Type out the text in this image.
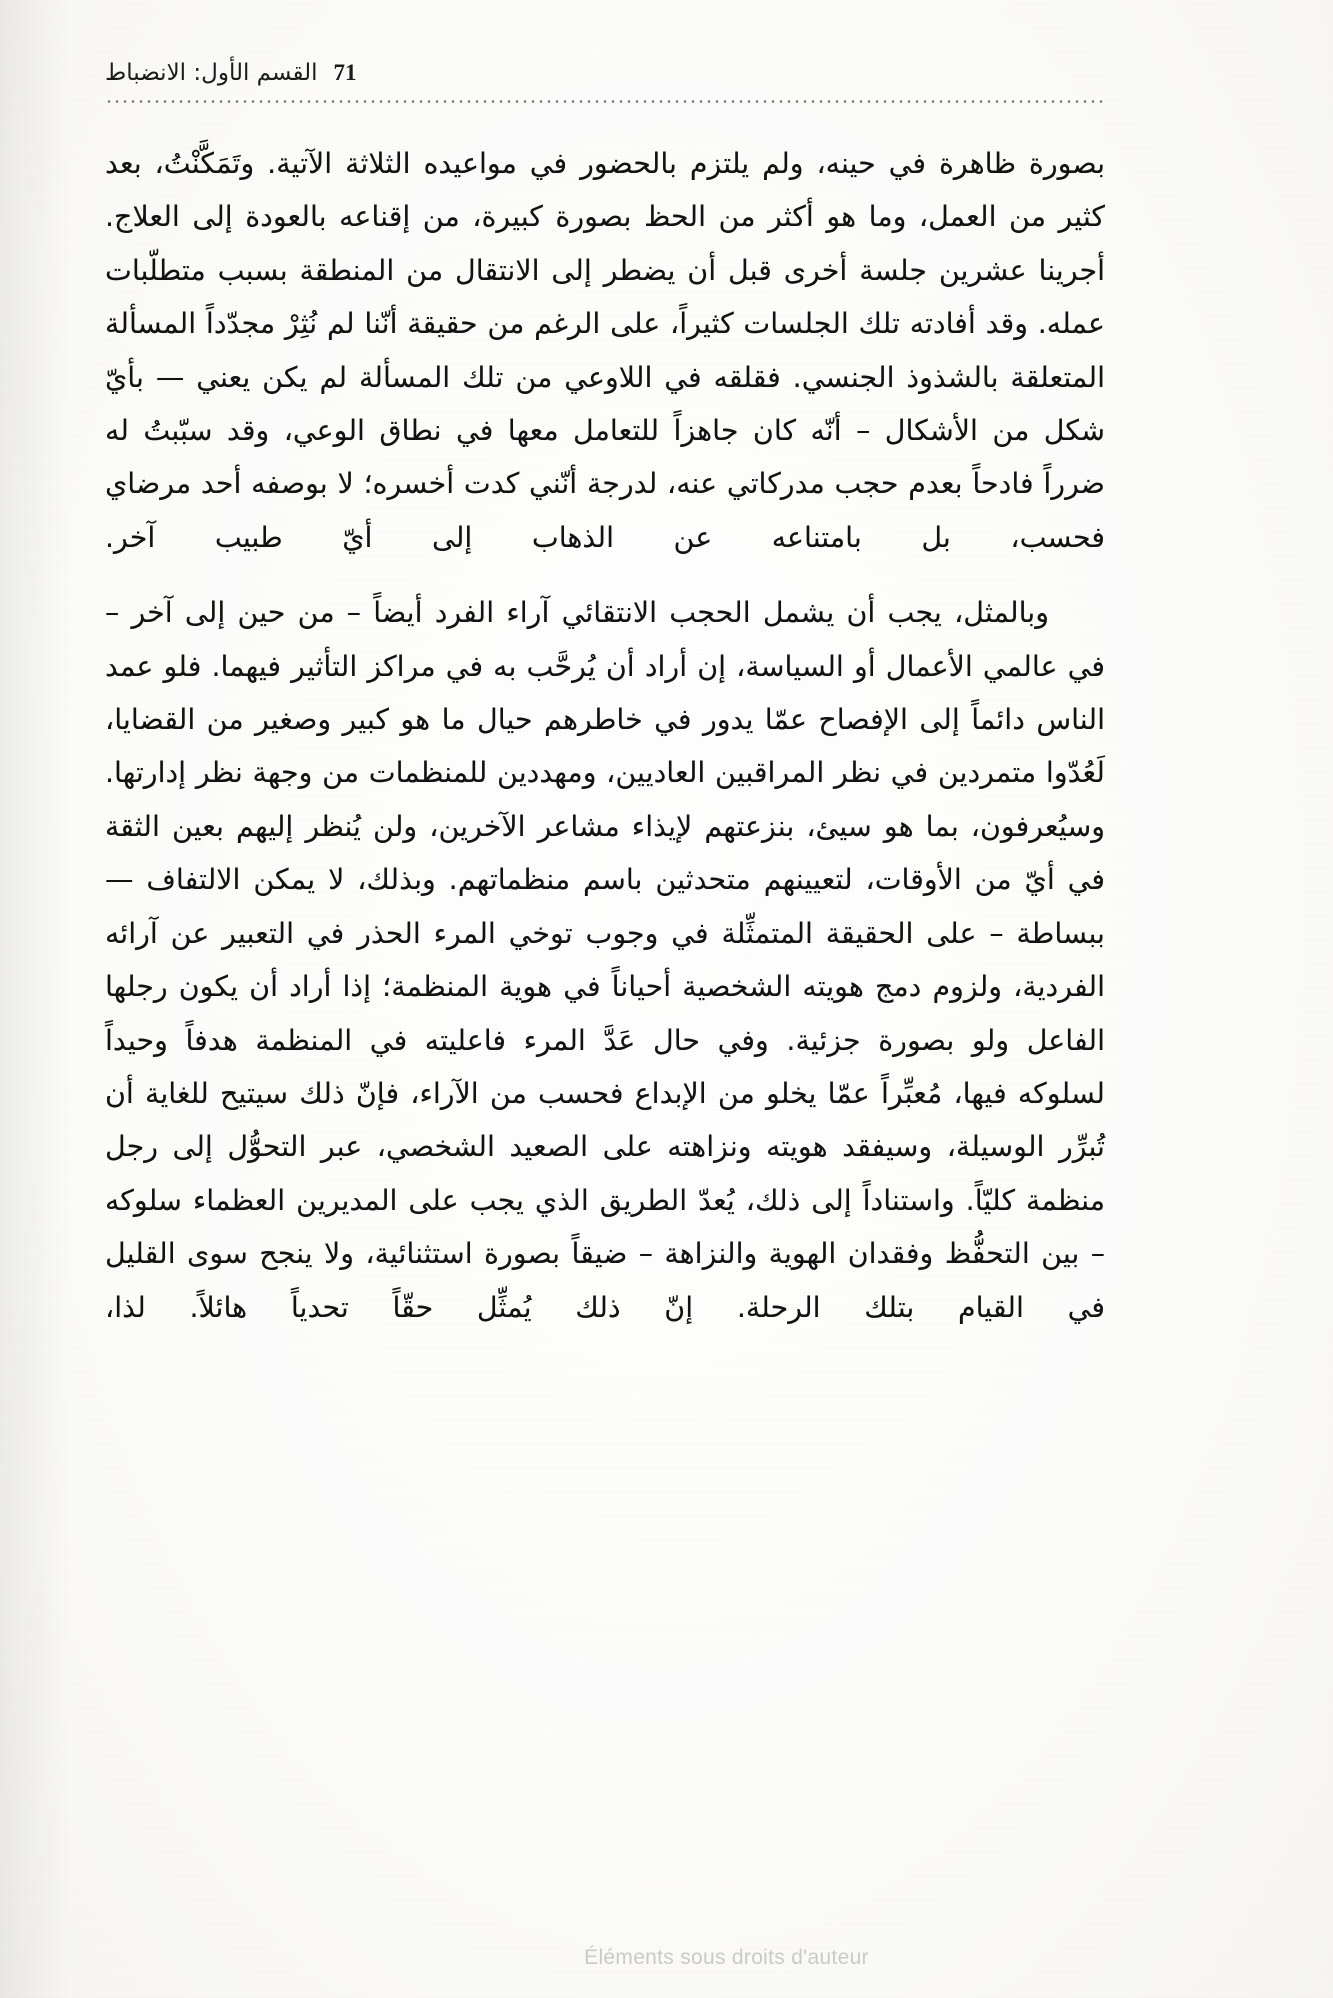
القسم الأول: الانضباط 71

بصورة ظاهرة في حينه، ولم يلتزم بالحضور في مواعيده الثلاثة الآتية. وتَمَكَّنْتُ، بعد كثير من العمل، وما هو أكثر من الحظ بصورة كبيرة، من إقناعه بالعودة إلى العلاج. أجرينا عشرين جلسة أخرى قبل أن يضطر إلى الانتقال من المنطقة بسبب متطلّبات عمله. وقد أفادته تلك الجلسات كثيراً، على الرغم من حقيقة أنّنا لم نُثِرْ مجدّداً المسألة المتعلقة بالشذوذ الجنسي. فقلقه في اللاوعي من تلك المسألة لم يكن يعني — بأيّ شكل من الأشكال – أنّه كان جاهزاً للتعامل معها في نطاق الوعي، وقد سبّبتُ له ضرراً فادحاً بعدم حجب مدركاتي عنه، لدرجة أنّني كدت أخسره؛ لا بوصفه أحد مرضاي فحسب، بل بامتناعه عن الذهاب إلى أيّ طبيب آخر.

وبالمثل، يجب أن يشمل الحجب الانتقائي آراء الفرد أيضاً – من حين إلى آخر – في عالمي الأعمال أو السياسة، إن أراد أن يُرحَّب به في مراكز التأثير فيهما. فلو عمد الناس دائماً إلى الإفصاح عمّا يدور في خاطرهم حيال ما هو كبير وصغير من القضايا، لَعُدّوا متمردين في نظر المراقبين العاديين، ومهددين للمنظمات من وجهة نظر إدارتها. وسيُعرفون، بما هو سيئ، بنزعتهم لإيذاء مشاعر الآخرين، ولن يُنظر إليهم بعين الثقة في أيّ من الأوقات، لتعيينهم متحدثين باسم منظماتهم. وبذلك، لا يمكن الالتفاف — ببساطة – على الحقيقة المتمثِّلة في وجوب توخي المرء الحذر في التعبير عن آرائه الفردية، ولزوم دمج هويته الشخصية أحياناً في هوية المنظمة؛ إذا أراد أن يكون رجلها الفاعل ولو بصورة جزئية. وفي حال عَدَّ المرء فاعليته في المنظمة هدفاً وحيداً لسلوكه فيها، مُعبِّراً عمّا يخلو من الإبداع فحسب من الآراء، فإنّ ذلك سيتيح للغاية أن تُبرِّر الوسيلة، وسيفقد هويته ونزاهته على الصعيد الشخصي، عبر التحوُّل إلى رجل منظمة كليّاً. واستناداً إلى ذلك، يُعدّ الطريق الذي يجب على المديرين العظماء سلوكه – بين التحفُّظ وفقدان الهوية والنزاهة – ضيقاً بصورة استثنائية، ولا ينجح سوى القليل في القيام بتلك الرحلة. إنّ ذلك يُمثِّل حقّاً تحدياً هائلاً. لذا،

Éléments sous droits d'auteur
